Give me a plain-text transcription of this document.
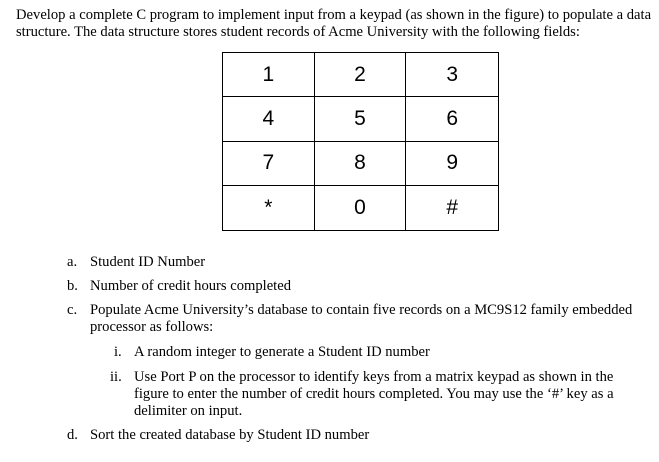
Develop a complete C program to implement input from a keypad (as shown in the figure) to populate a data structure. The data structure stores student records of Acme University with the following fields:

1	2	3
4	5	6
7	8	9
*	0	#
a. Student ID Number
b. Number of credit hours completed
c. Populate Acme University’s database to contain five records on a MC9S12 family embedded processor as follows:
i. A random integer to generate a Student ID number
ii. Use Port P on the processor to identify keys from a matrix keypad as shown in the figure to enter the number of credit hours completed. You may use the ‘#’ key as a delimiter on input.
d. Sort the created database by Student ID number
